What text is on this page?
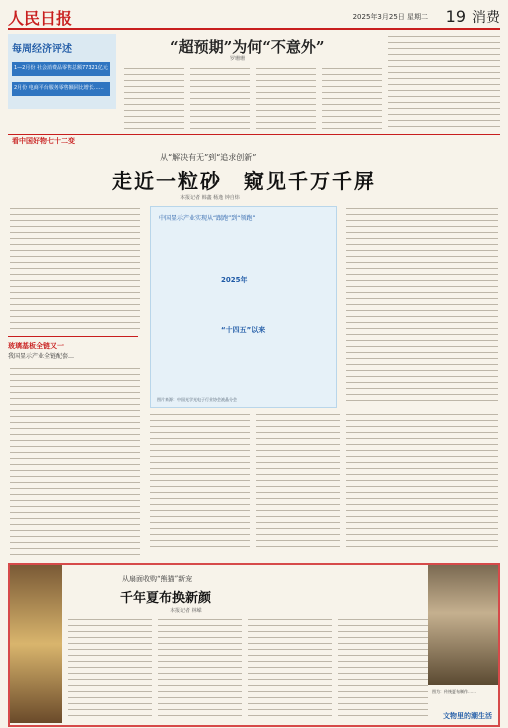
人民日报	2025年3月25日 星期二 19 消费
每周经济评述
1—2月份 社会消费品零售总额77321亿元
2月份 电商平台服务零售额同比增长……
“超预期”为何“不意外”
罗珊珊
看中国好物七十二变
从“解决有无”到“追求创新”
走近一粒砂　窥见千万千屏
本报记者 韩鑫 杨逸 钟自炜
中国显示产业实现从“跟跑”到“领跑”
2025年
“十四五”以来
图片来源：中国光学光电子行业协会液晶分会
玻璃基板全链又一
我国显示产业全链配套…
从扇面收购“熊猫”新宠
千年夏布换新颜
本报记者 林嵘
图为：传统夏布制作……
文物里的潮生活
